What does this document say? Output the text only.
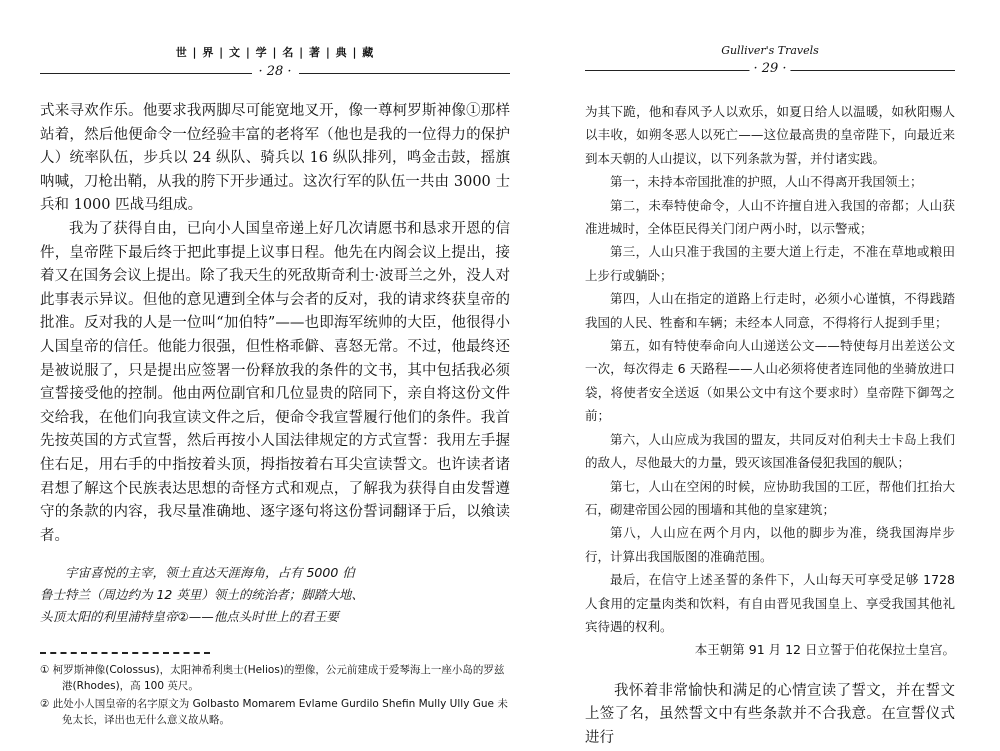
世 | 界 | 文 | 学 | 名 | 著 | 典 | 藏
· 28 ·

式来寻欢作乐。他要求我两脚尽可能宽地叉开，像一尊柯罗斯神像①那样站着，然后他便命令一位经验丰富的老将军（他也是我的一位得力的保护人）统率队伍，步兵以 24 纵队、骑兵以 16 纵队排列，鸣金击鼓，摇旗呐喊，刀枪出鞘，从我的胯下开步通过。这次行军的队伍一共由 3000 士兵和 1000 匹战马组成。

我为了获得自由，已向小人国皇帝递上好几次请愿书和恳求开恩的信件，皇帝陛下最后终于把此事提上议事日程。他先在内阁会议上提出，接着又在国务会议上提出。除了我天生的死敌斯奇利士·波哥兰之外，没人对此事表示异议。但他的意见遭到全体与会者的反对，我的请求终获皇帝的批准。反对我的人是一位叫“加伯特”——也即海军统帅的大臣，他很得小人国皇帝的信任。他能力很强，但性格乖僻、喜怒无常。不过，他最终还是被说服了，只是提出应签署一份释放我的条件的文书，其中包括我必须宣誓接受他的控制。他由两位副官和几位显贵的陪同下，亲自将这份文件交给我，在他们向我宣读文件之后，便命令我宣誓履行他们的条件。我首先按英国的方式宣誓，然后再按小人国法律规定的方式宣誓：我用左手握住右足，用右手的中指按着头顶，拇指按着右耳尖宣读誓文。也许读者诸君想了解这个民族表达思想的奇怪方式和观点，了解我为获得自由发誓遵守的条款的内容，我尽量准确地、逐字逐句将这份誓词翻译于后，以飨读者。

宇宙喜悦的主宰，领土直达天涯海角，占有 5000 伯
鲁士特兰（周边约为 12 英里）领土的统治者；脚踏大地、
头顶太阳的利里浦特皇帝②——他点头时世上的君王要

① 柯罗斯神像(Colossus)，太阳神希利奥士(Helios)的塑像，公元前建成于爱琴海上一座小岛的罗兹港(Rhodes)，高 100 英尺。

② 此处小人国皇帝的名字原文为 Golbasto Momarem Evlame Gurdilo Shefin Mully Ully Gue 未免太长，译出也无什么意义故从略。

Gulliver's Travels
· 29 ·

为其下跪，他和春风予人以欢乐，如夏日给人以温暖，如秋阳赐人以丰收，如朔冬恶人以死亡——这位最高贵的皇帝陛下，向最近来到本天朝的人山提议，以下列条款为誓，并付诸实践。

第一，未持本帝国批准的护照，人山不得离开我国领土；

第二，未奉特使命令，人山不许擅自进入我国的帝都；人山获准进城时，全体臣民得关门闭户两小时，以示警戒；

第三，人山只准于我国的主要大道上行走，不准在草地或粮田上步行或躺卧；

第四，人山在指定的道路上行走时，必须小心谨慎，不得践踏我国的人民、牲畜和车辆；未经本人同意，不得将行人捉到手里；

第五，如有特使奉命向人山递送公文——特使每月出差送公文一次，每次得走 6 天路程——人山必须将使者连同他的坐骑放进口袋，将使者安全送返（如果公文中有这个要求时）皇帝陛下御驾之前；

第六，人山应成为我国的盟友，共同反对伯利夫士卡岛上我们的敌人，尽他最大的力量，毁灭该国准备侵犯我国的舰队；

第七，人山在空闲的时候，应协助我国的工匠，帮他们扛抬大石，砌建帝国公园的围墙和其他的皇家建筑；

第八，人山应在两个月内，以他的脚步为准，绕我国海岸步行，计算出我国版图的准确范围。

最后，在信守上述圣誓的条件下，人山每天可享受足够 1728 人食用的定量肉类和饮料，有自由晋见我国皇上、享受我国其他礼宾待遇的权利。

本王朝第 91 月 12 日立誓于伯花保拉士皇宫。

我怀着非常愉快和满足的心情宣读了誓文，并在誓文上签了名，虽然誓文中有些条款并不合我意。在宣誓仪式进行
